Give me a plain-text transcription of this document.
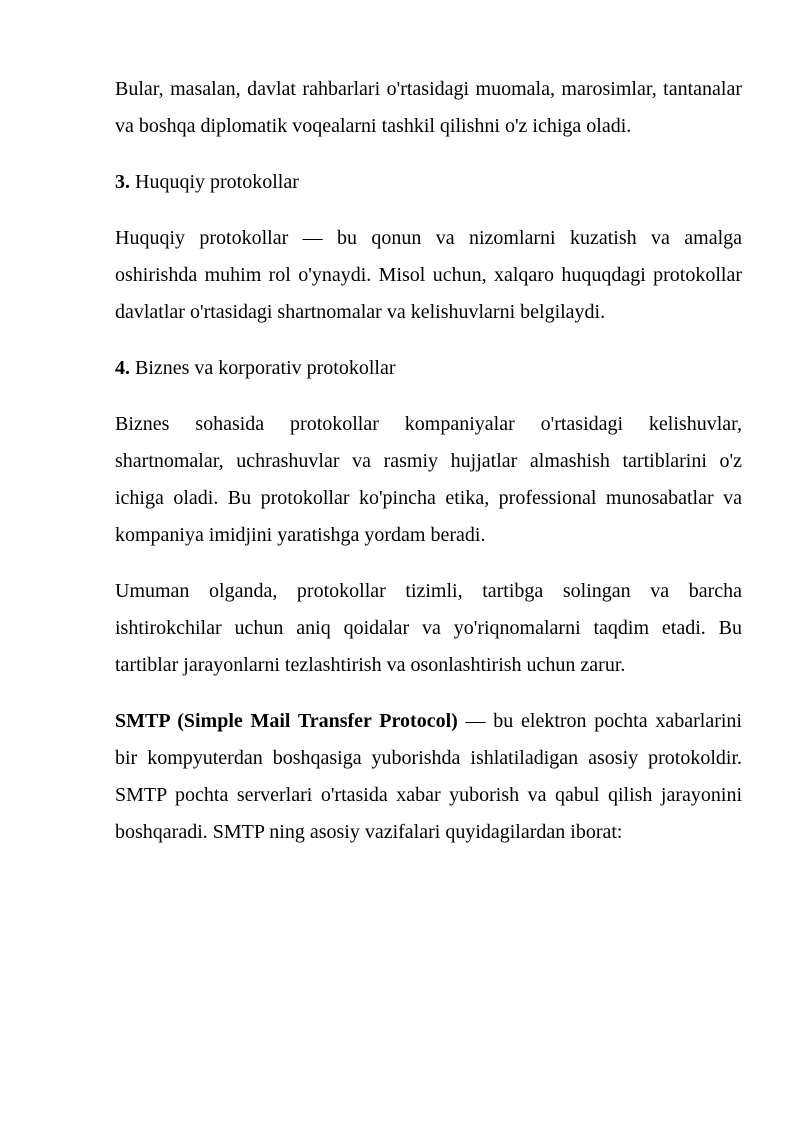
Bular, masalan, davlat rahbarlari o'rtasidagi muomala, marosimlar, tantanalar va boshqa diplomatik voqealarni tashkil qilishni o'z ichiga oladi.

3. Huquqiy protokollar

Huquqiy protokollar — bu qonun va nizomlarni kuzatish va amalga oshirishda muhim rol o'ynaydi. Misol uchun, xalqaro huquqdagi protokollar davlatlar o'rtasidagi shartnomalar va kelishuvlarni belgilaydi.

4. Biznes va korporativ protokollar

Biznes sohasida protokollar kompaniyalar o'rtasidagi kelishuvlar, shartnomalar, uchrashuvlar va rasmiy hujjatlar almashish tartiblarini o'z ichiga oladi. Bu protokollar ko'pincha etika, professional munosabatlar va kompaniya imidjini yaratishga yordam beradi.

Umuman olganda, protokollar tizimli, tartibga solingan va barcha ishtirokchilar uchun aniq qoidalar va yo'riqnomalarni taqdim etadi. Bu tartiblar jarayonlarni tezlashtirish va osonlashtirish uchun zarur.

SMTP (Simple Mail Transfer Protocol) — bu elektron pochta xabarlarini bir kompyuterdan boshqasiga yuborishda ishlatiladigan asosiy protokoldir. SMTP pochta serverlari o'rtasida xabar yuborish va qabul qilish jarayonini boshqaradi. SMTP ning asosiy vazifalari quyidagilardan iborat:
